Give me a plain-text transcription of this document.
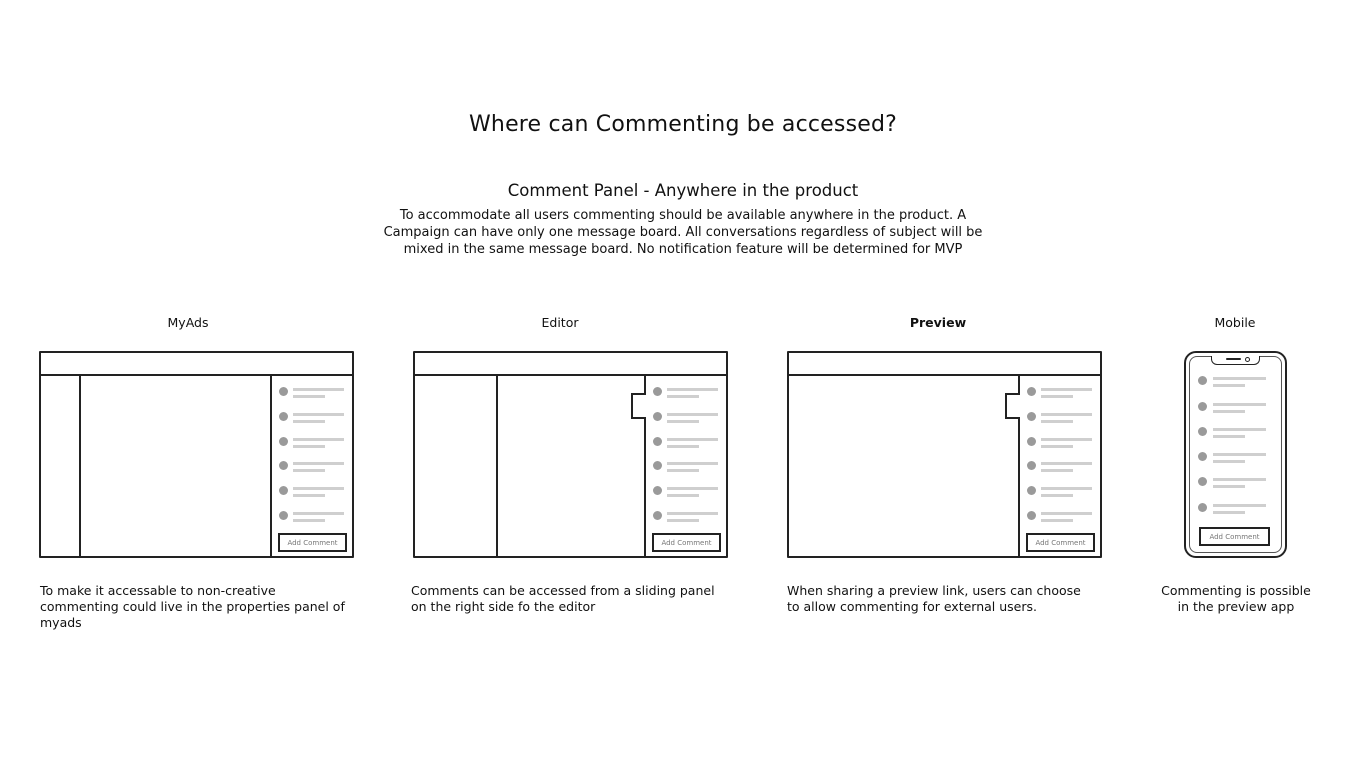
Where can Commenting be accessed?
Comment Panel - Anywhere in the product
To accommodate all users commenting should be available anywhere in the product. A Campaign can have only one message board. All conversations regardless of subject will be mixed in the same message board. No notification feature will be determined for MVP
MyAds	Editor	Preview	Mobile
Add Comment	Add Comment	Add Comment
Add Comment
To make it accessable to non-creative commenting could live in the properties panel of myads
Comments can be accessed from a sliding panel on the right side fo the editor
When sharing a preview link, users can choose to allow commenting for external users.
Commenting is possible in the preview app
